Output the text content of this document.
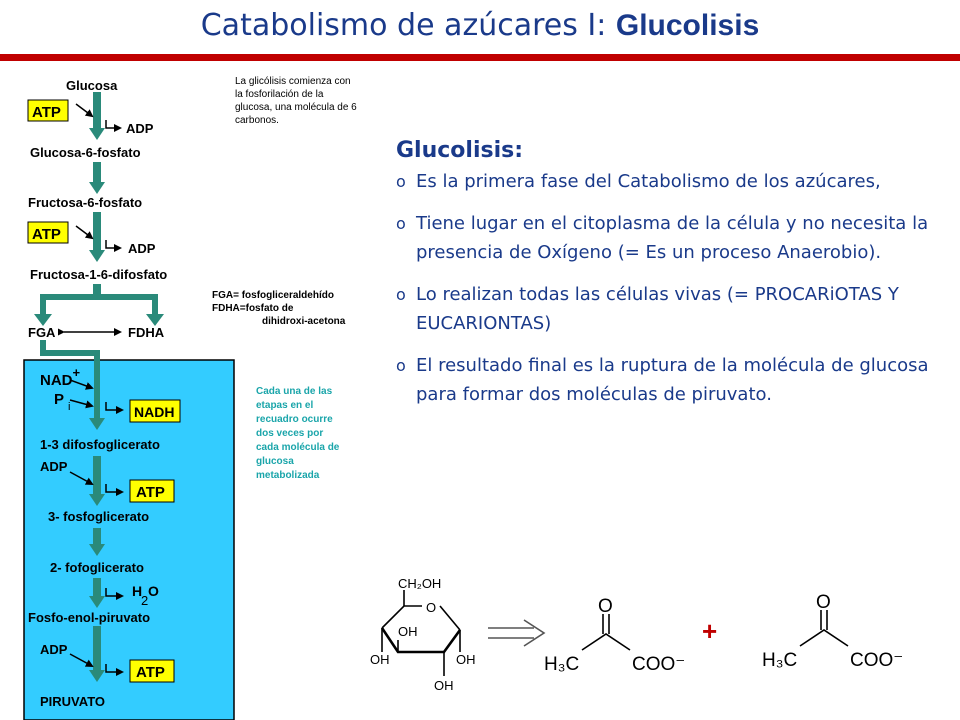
Catabolismo de azúcares I: Glucolisis
Glucosa
ATP
ADP
Glucosa-6-fosfato
Fructosa-6-fosfato
ATP
ADP
Fructosa-1-6-difosfato
FGA	FDHA
NAD+
P $_i$	NADH
1-3 difosfoglicerato
ADP
ATP
3- fosfoglicerato
2- fofoglicerato
H O
2
Fosfo-enol-piruvato
ADP
ATP
PIRUVATO
La glicólisis comienza con
la fosforilación de la
glucosa, una molécula de 6
carbonos.
FGA= fosfogliceraldehído
FDHA=fosfato de
dihidroxi-acetona
Cada una de las
etapas en el
recuadro ocurre
dos veces por
cada molécula de
glucosa
metabolizada
CH₂OH
O
OH
OH	OH
OH
O
H₃C	COO⁻
+
O
H₃C	COO⁻
Glucolisis:
o Es la primera fase del Catabolismo de los azúcares,
o Tiene lugar en el citoplasma de la célula y no necesita la presencia de Oxígeno (= Es un proceso Anaerobio).
o Lo realizan todas las células vivas (= PROCARiOTAS Y EUCARIONTAS)
o El resultado final es la ruptura de la molécula de glucosa para formar dos moléculas de piruvato.
